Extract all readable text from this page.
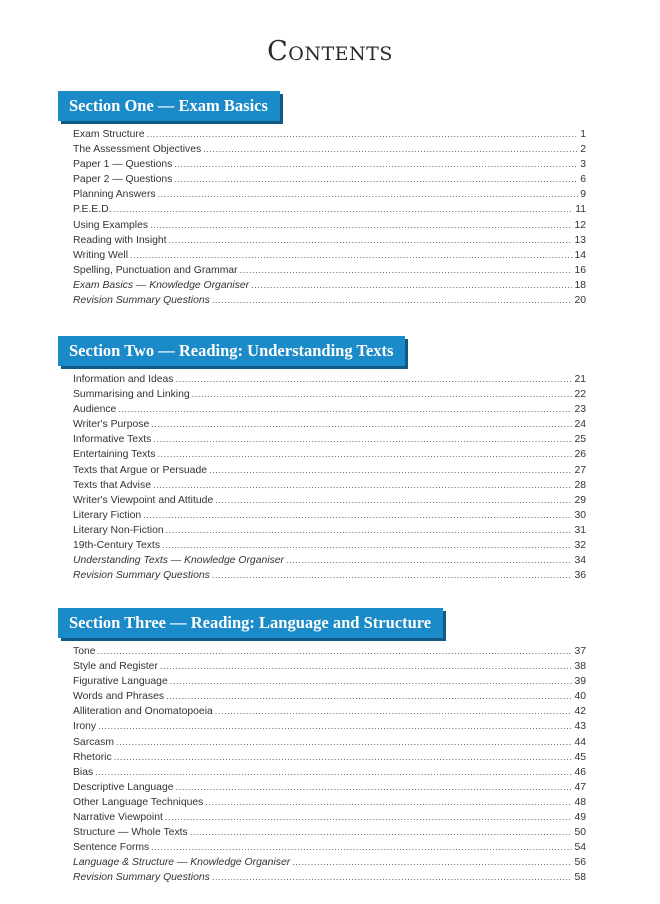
Contents
Section One — Exam Basics
Exam Structure .....	1
The Assessment Objectives .....	2
Paper 1 — Questions .....	3
Paper 2 — Questions .....	6
Planning Answers .....	9
P.E.E.D. .....	11
Using Examples .....	12
Reading with Insight .....	13
Writing Well .....	14
Spelling, Punctuation and Grammar .....	16
Exam Basics — Knowledge Organiser .....	18
Revision Summary Questions .....	20
Section Two — Reading: Understanding Texts
Information and Ideas .....	21
Summarising and Linking .....	22
Audience .....	23
Writer's Purpose .....	24
Informative Texts .....	25
Entertaining Texts .....	26
Texts that Argue or Persuade .....	27
Texts that Advise .....	28
Writer's Viewpoint and Attitude .....	29
Literary Fiction .....	30
Literary Non-Fiction .....	31
19th-Century Texts .....	32
Understanding Texts — Knowledge Organiser .....	34
Revision Summary Questions .....	36
Section Three — Reading: Language and Structure
Tone .....	37
Style and Register .....	38
Figurative Language .....	39
Words and Phrases .....	40
Alliteration and Onomatopoeia .....	42
Irony .....	43
Sarcasm .....	44
Rhetoric .....	45
Bias .....	46
Descriptive Language .....	47
Other Language Techniques .....	48
Narrative Viewpoint .....	49
Structure — Whole Texts .....	50
Sentence Forms .....	54
Language & Structure — Knowledge Organiser .....	56
Revision Summary Questions .....	58
